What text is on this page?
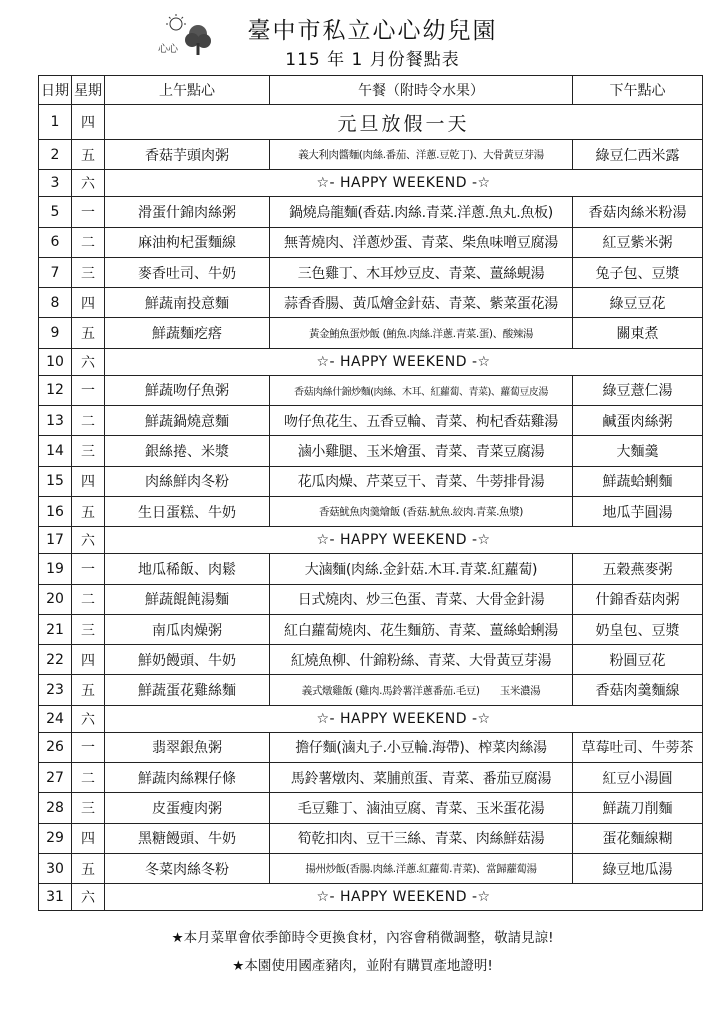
心心
臺中市私立心心幼兒園
115 年 1 月份餐點表
日期	星期	上午點心	午餐（附時令水果）	下午點心
1	四	元旦放假一天		
2	五	香菇芋頭肉粥	義大利肉醬麵(肉絲.番茄、洋蔥.豆乾丁)、大骨黃豆芽湯	綠豆仁西米露
3	六	☆- HAPPY WEEKEND -☆		
5	一	滑蛋什錦肉絲粥	鍋燒烏龍麵(香菇.肉絲.青菜.洋蔥.魚丸.魚板)	香菇肉絲米粉湯
6	二	麻油枸杞蛋麵線	無菁燒肉、洋蔥炒蛋、青菜、柴魚味噌豆腐湯	紅豆紫米粥
7	三	麥香吐司、牛奶	三色雞丁、木耳炒豆皮、青菜、薑絲蜆湯	兔子包、豆漿
8	四	鮮蔬南投意麵	蒜香香腸、黃瓜燴金針菇、青菜、紫菜蛋花湯	綠豆豆花
9	五	鮮蔬麵疙瘩	黃金鮪魚蛋炒飯 (鮪魚.肉絲.洋蔥.青菜.蛋)、酸辣湯	關東煮
10	六	☆- HAPPY WEEKEND -☆		
12	一	鮮蔬吻仔魚粥	香菇肉絲什錦炒麵(肉絲、木耳、紅蘿蔔、青菜)、蘿蔔豆皮湯	綠豆薏仁湯
13	二	鮮蔬鍋燒意麵	吻仔魚花生、五香豆輪、青菜、枸杞香菇雞湯	鹹蛋肉絲粥
14	三	銀絲捲、米漿	滷小雞腿、玉米燴蛋、青菜、青菜豆腐湯	大麵羹
15	四	肉絲鮮肉冬粉	花瓜肉燥、芹菜豆干、青菜、牛蒡排骨湯	鮮蔬蛤蜊麵
16	五	生日蛋糕、牛奶	香菇魷魚肉羹燴飯 (香菇.魷魚.絞肉.青菜.魚漿)	地瓜芋圓湯
17	六	☆- HAPPY WEEKEND -☆		
19	一	地瓜稀飯、肉鬆	大滷麵(肉絲.金針菇.木耳.青菜.紅蘿蔔)	五穀燕麥粥
20	二	鮮蔬餛飩湯麵	日式燒肉、炒三色蛋、青菜、大骨金針湯	什錦香菇肉粥
21	三	南瓜肉燥粥	紅白蘿蔔燒肉、花生麵筋、青菜、薑絲蛤蜊湯	奶皇包、豆漿
22	四	鮮奶饅頭、牛奶	紅燒魚柳、什錦粉絲、青菜、大骨黃豆芽湯	粉圓豆花
23	五	鮮蔬蛋花雞絲麵	義式燉雞飯 (雞肉.馬鈴薯洋蔥番茄.毛豆)　　玉米濃湯	香菇肉羹麵線
24	六	☆- HAPPY WEEKEND -☆		
26	一	翡翠銀魚粥	擔仔麵(滷丸子.小豆輪.海帶)、榨菜肉絲湯	草莓吐司、牛蒡茶
27	二	鮮蔬肉絲粿仔條	馬鈴薯燉肉、菜脯煎蛋、青菜、番茄豆腐湯	紅豆小湯圓
28	三	皮蛋瘦肉粥	毛豆雞丁、滷油豆腐、青菜、玉米蛋花湯	鮮蔬刀削麵
29	四	黑糖饅頭、牛奶	筍乾扣肉、豆干三絲、青菜、肉絲鮮菇湯	蛋花麵線糊
30	五	冬菜肉絲冬粉	揚州炒飯(香腸.肉絲.洋蔥.紅蘿蔔.青菜)、當歸蘿蔔湯	綠豆地瓜湯
31	六	☆- HAPPY WEEKEND -☆		
★本月菜單會依季節時令更換食材，內容會稍微調整，敬請見諒!
★本園使用國產豬肉，並附有購買產地證明!
